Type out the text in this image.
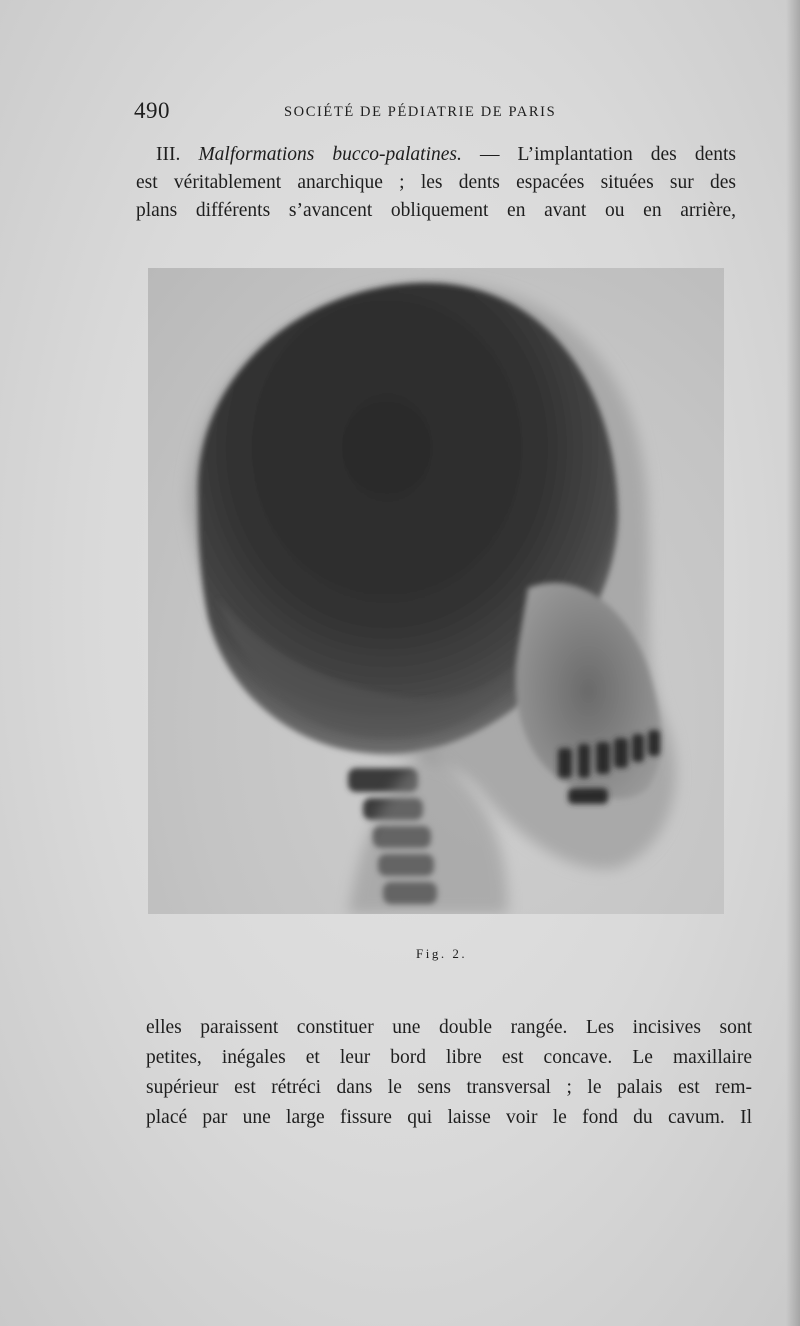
490	SOCIÉTÉ DE PÉDIATRIE DE PARIS
III. Malformations bucco-palatines. — L’implantation des dents
est véritablement anarchique ; les dents espacées situées sur des
plans différents s’avancent obliquement en avant ou en arrière,
Fig. 2.
elles paraissent constituer une double rangée. Les incisives sont
petites, inégales et leur bord libre est concave. Le maxillaire
supérieur est rétréci dans le sens transversal ; le palais est rem-
placé par une large fissure qui laisse voir le fond du cavum. Il
